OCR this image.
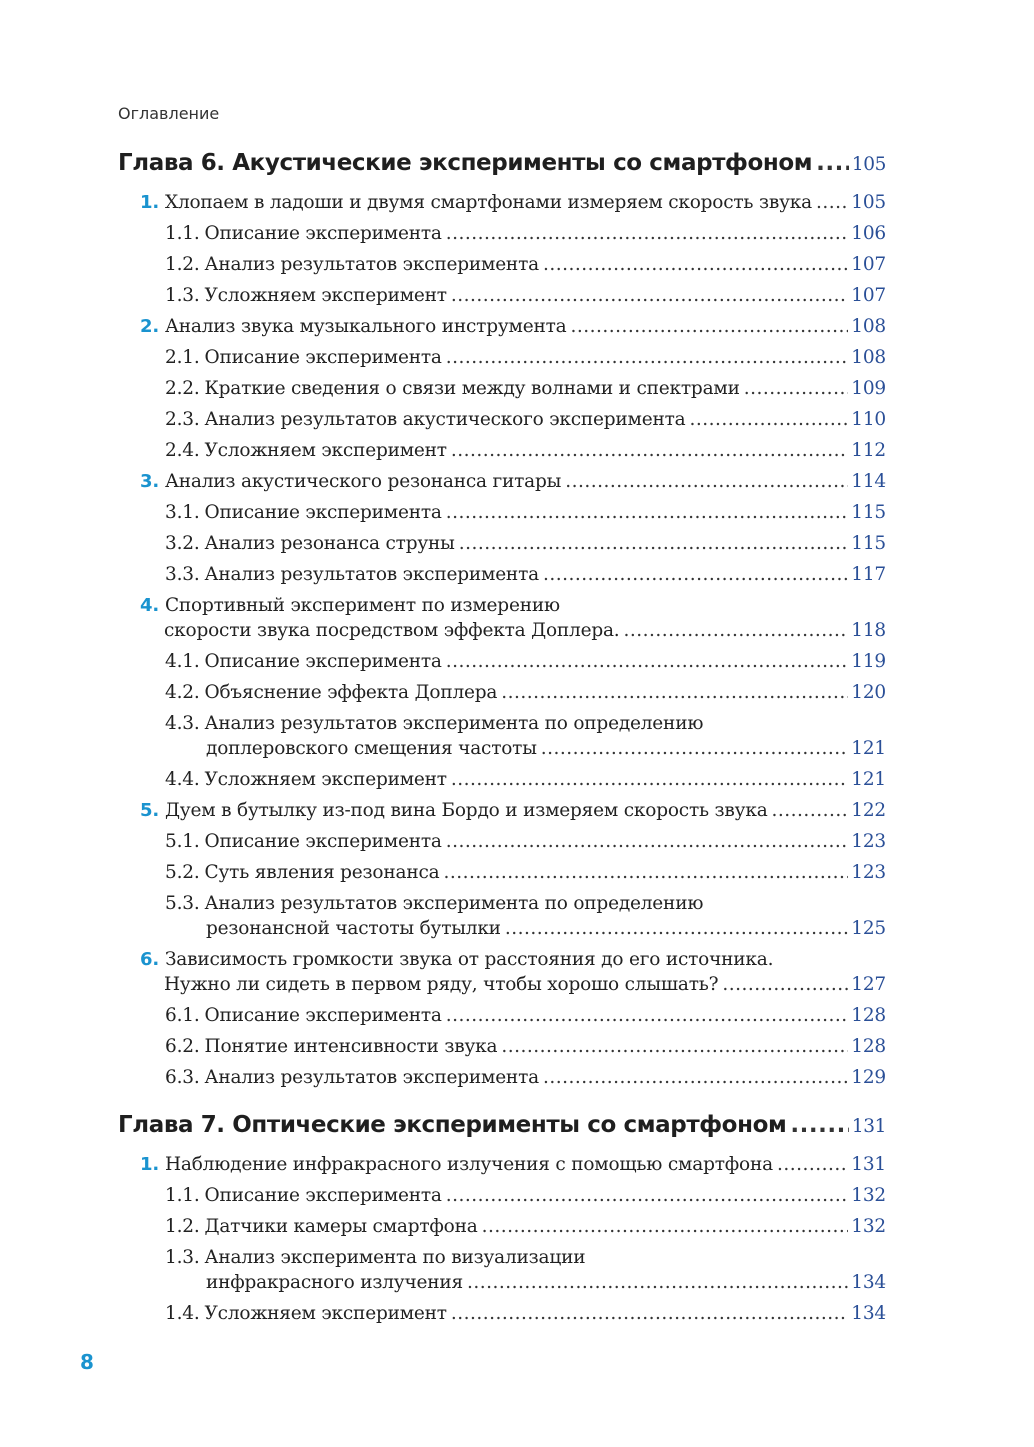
Оглавление
Глава 6. Акустические эксперименты со смартфоном ..... 105
1. Хлопаем в ладоши и двумя смартфонами измеряем скорость звука ..... 105
1.1. Описание эксперимента .....	106
1.2. Анализ результатов эксперимента .....	107
1.3. Усложняем эксперимент .....	107
2. Анализ звука музыкального инструмента .....	108
2.1. Описание эксперимента .....	108
2.2. Краткие сведения о связи между волнами и спектрами .....	109
2.3. Анализ результатов акустического эксперимента .....	110
2.4. Усложняем эксперимент .....	112
3. Анализ акустического резонанса гитары .....	114
3.1. Описание эксперимента .....	115
3.2. Анализ резонанса струны .....	115
3.3. Анализ результатов эксперимента .....	117
4. Спортивный эксперимент по измерению
скорости звука посредством эффекта Доплера. .....	118
4.1. Описание эксперимента .....	119
4.2. Объяснение эффекта Доплера .....	120
4.3. Анализ результатов эксперимента по определению
доплеровского смещения частоты .....	121
4.4. Усложняем эксперимент .....	121
5. Дуем в бутылку из-под вина Бордо и измеряем скорость звука .....	122
5.1. Описание эксперимента .....	123
5.2. Суть явления резонанса .....	123
5.3. Анализ результатов эксперимента по определению
резонансной частоты бутылки .....	125
6. Зависимость громкости звука от расстояния до его источника.
Нужно ли сидеть в первом ряду, чтобы хорошо слышать? .....	127
6.1. Описание эксперимента .....	128
6.2. Понятие интенсивности звука .....	128
6.3. Анализ результатов эксперимента .....	129
Глава 7. Оптические эксперименты со смартфоном .....	131
1. Наблюдение инфракрасного излучения с помощью смартфона .....	131
1.1. Описание эксперимента .....	132
1.2. Датчики камеры смартфона .....	132
1.3. Анализ эксперимента по визуализации
инфракрасного излучения .....	134
1.4. Усложняем эксперимент .....	134
8
